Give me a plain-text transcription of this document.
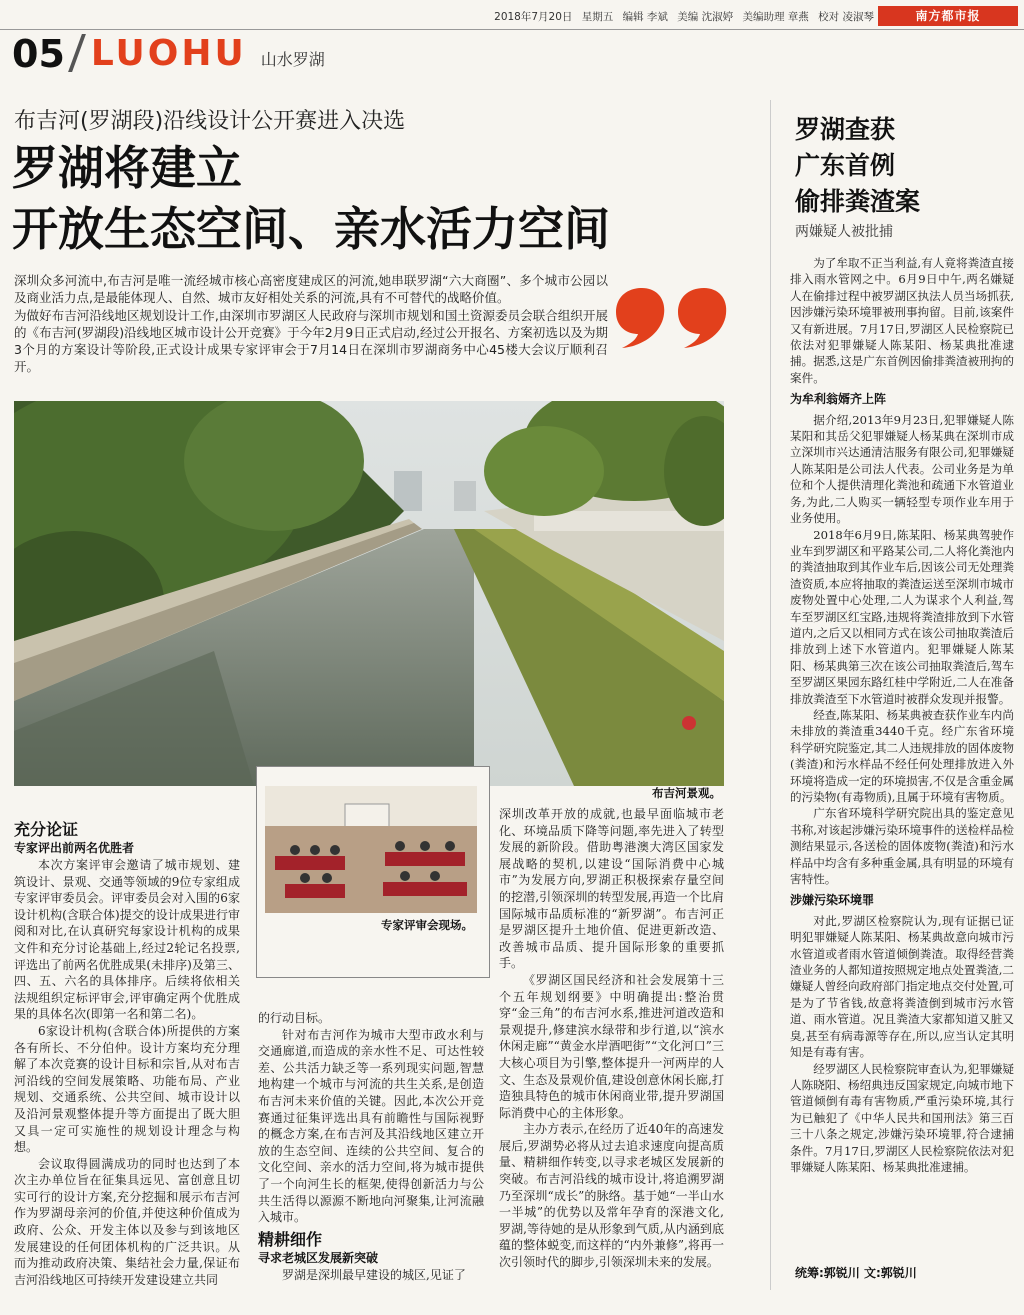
2018年7月20日 星期五 编辑 李斌 美编 沈淑婷 美编助理 章燕 校对 凌淑琴	南方都市报
05 LUOHU 山水罗湖
布吉河(罗湖段)沿线设计公开赛进入决选
罗湖将建立
开放生态空间、亲水活力空间

深圳众多河流中,布吉河是唯一流经城市核心高密度建成区的河流,她串联罗湖“六大商圈”、多个城市公园以及商业活力点,是最能体现人、自然、城市友好相处关系的河流,具有不可替代的战略价值。

为做好布吉河沿线地区规划设计工作,由深圳市罗湖区人民政府与深圳市规划和国土资源委员会联合组织开展的《布吉河(罗湖段)沿线地区城市设计公开竞赛》于今年2月9日正式启动,经过公开报名、方案初选以及为期3个月的方案设计等阶段,正式设计成果专家评审会于7月14日在深圳市罗湖商务中心45楼大会议厅顺利召开。

布吉河景观。
专家评审会现场。
充分论证
专家评出前两名优胜者

本次方案评审会邀请了城市规划、建筑设计、景观、交通等领域的9位专家组成专家评审委员会。评审委员会对入围的6家设计机构(含联合体)提交的设计成果进行审阅和对比,在认真研究每家设计机构的成果文件和充分讨论基础上,经过2轮记名投票,评选出了前两名优胜成果(未排序)及第三、四、五、六名的具体排序。后续将依相关法规组织定标评审会,评审确定两个优胜成果的具体名次(即第一名和第二名)。

6家设计机构(含联合体)所提供的方案各有所长、不分伯仲。设计方案均充分理解了本次竞赛的设计目标和宗旨,从对布吉河沿线的空间发展策略、功能布局、产业规划、交通系统、公共空间、城市设计以及沿河景观整体提升等方面提出了既大胆又具一定可实施性的规划设计理念与构想。

会议取得圆满成功的同时也达到了本次主办单位旨在征集具远见、富创意且切实可行的设计方案,充分挖掘和展示布吉河作为罗湖母亲河的价值,并使这种价值成为政府、公众、开发主体以及参与到该地区发展建设的任何团体机构的广泛共识。从而为推动政府决策、集结社会力量,保证布吉河沿线地区可持续开发建设建立共同

的行动目标。

针对布吉河作为城市大型市政水利与交通廊道,而造成的亲水性不足、可达性较差、公共活力缺乏等一系列现实问题,智慧地构建一个城市与河流的共生关系,是创造布吉河未来价值的关键。因此,本次公开竞赛通过征集评选出具有前瞻性与国际视野的概念方案,在布吉河及其沿线地区建立开放的生态空间、连续的公共空间、复合的文化空间、亲水的活力空间,将为城市提供了一个向河生长的框架,使得创新活力与公共生活得以源源不断地向河聚集,让河流融入城市。

精耕细作
寻求老城区发展新突破

罗湖是深圳最早建设的城区,见证了

深圳改革开放的成就,也最早面临城市老化、环境品质下降等问题,率先进入了转型发展的新阶段。借助粤港澳大湾区国家发展战略的契机,以建设“国际消费中心城市”为发展方向,罗湖正积极探索存量空间的挖潜,引领深圳的转型发展,再造一个比肩国际城市品质标准的“新罗湖”。布吉河正是罗湖区提升土地价值、促进更新改造、改善城市品质、提升国际形象的重要抓手。

《罗湖区国民经济和社会发展第十三个五年规划纲要》中明确提出:整治贯穿“金三角”的布吉河水系,推进河道改造和景观提升,修建滨水绿带和步行道,以“滨水休闲走廊”“黄金水岸酒吧街”“文化河口”三大核心项目为引擎,整体提升一河两岸的人文、生态及景观价值,建设创意休闲长廊,打造独具特色的城市休闲商业带,提升罗湖国际消费中心的主体形象。

主办方表示,在经历了近40年的高速发展后,罗湖势必将从过去追求速度向提高质量、精耕细作转变,以寻求老城区发展新的突破。布吉河沿线的城市设计,将追溯罗湖乃至深圳“成长”的脉络。基于她“一半山水一半城”的优势以及常年孕育的深港文化,罗湖,等待她的是从形象到气质,从内涵到底蕴的整体蜕变,而这样的“内外兼修”,将再一次引领时代的脚步,引领深圳未来的发展。

罗湖查获
广东首例
偷排粪渣案
两嫌疑人被批捕

为了牟取不正当利益,有人竟将粪渣直接排入雨水管网之中。6月9日中午,两名嫌疑人在偷排过程中被罗湖区执法人员当场抓获,因涉嫌污染环境罪被刑事拘留。目前,该案件又有新进展。7月17日,罗湖区人民检察院已依法对犯罪嫌疑人陈某阳、杨某典批准逮捕。据悉,这是广东首例因偷排粪渣被刑拘的案件。

为牟利翁婿齐上阵

据介绍,2013年9月23日,犯罪嫌疑人陈某阳和其岳父犯罪嫌疑人杨某典在深圳市成立深圳市兴达通清洁服务有限公司,犯罪嫌疑人陈某阳是公司法人代表。公司业务是为单位和个人提供清理化粪池和疏通下水管道业务,为此,二人购买一辆轻型专项作业车用于业务使用。

2018年6月9日,陈某阳、杨某典驾驶作业车到罗湖区和平路某公司,二人将化粪池内的粪渣抽取到其作业车后,因该公司无处理粪渣资质,本应将抽取的粪渣运送至深圳市城市废物处置中心处理,二人为谋求个人利益,驾车至罗湖区红宝路,违规将粪渣排放到下水管道内,之后又以相同方式在该公司抽取粪渣后排放到上述下水管道内。犯罪嫌疑人陈某阳、杨某典第三次在该公司抽取粪渣后,驾车至罗湖区果园东路红桂中学附近,二人在准备排放粪渣至下水管道时被群众发现并报警。

经查,陈某阳、杨某典被查获作业车内尚未排放的粪渣重3440千克。经广东省环境科学研究院鉴定,其二人违规排放的固体废物(粪渣)和污水样品不经任何处理排放进入外环境将造成一定的环境损害,不仅是含重金属的污染物(有毒物质),且属于环境有害物质。

广东省环境科学研究院出具的鉴定意见书称,对该起涉嫌污染环境事件的送检样品检测结果显示,各送检的固体废物(粪渣)和污水样品中均含有多种重金属,具有明显的环境有害特性。

涉嫌污染环境罪

对此,罗湖区检察院认为,现有证据已证明犯罪嫌疑人陈某阳、杨某典故意向城市污水管道或者雨水管道倾倒粪渣。取得经营粪渣业务的人都知道按照规定地点处置粪渣,二嫌疑人曾经向政府部门指定地点交付处置,可是为了节省钱,故意将粪渣倒到城市污水管道、雨水管道。况且粪渣大家都知道又脏又臭,甚至有病毒源等存在,所以,应当认定其明知是有毒有害。

经罗湖区人民检察院审查认为,犯罪嫌疑人陈晓阳、杨绍典违反国家规定,向城市地下管道倾倒有毒有害物质,严重污染环境,其行为已触犯了《中华人民共和国刑法》第三百三十八条之规定,涉嫌污染环境罪,符合逮捕条件。7月17日,罗湖区人民检察院依法对犯罪嫌疑人陈某阳、杨某典批准逮捕。

统筹:郭锐川 文:郭锐川
